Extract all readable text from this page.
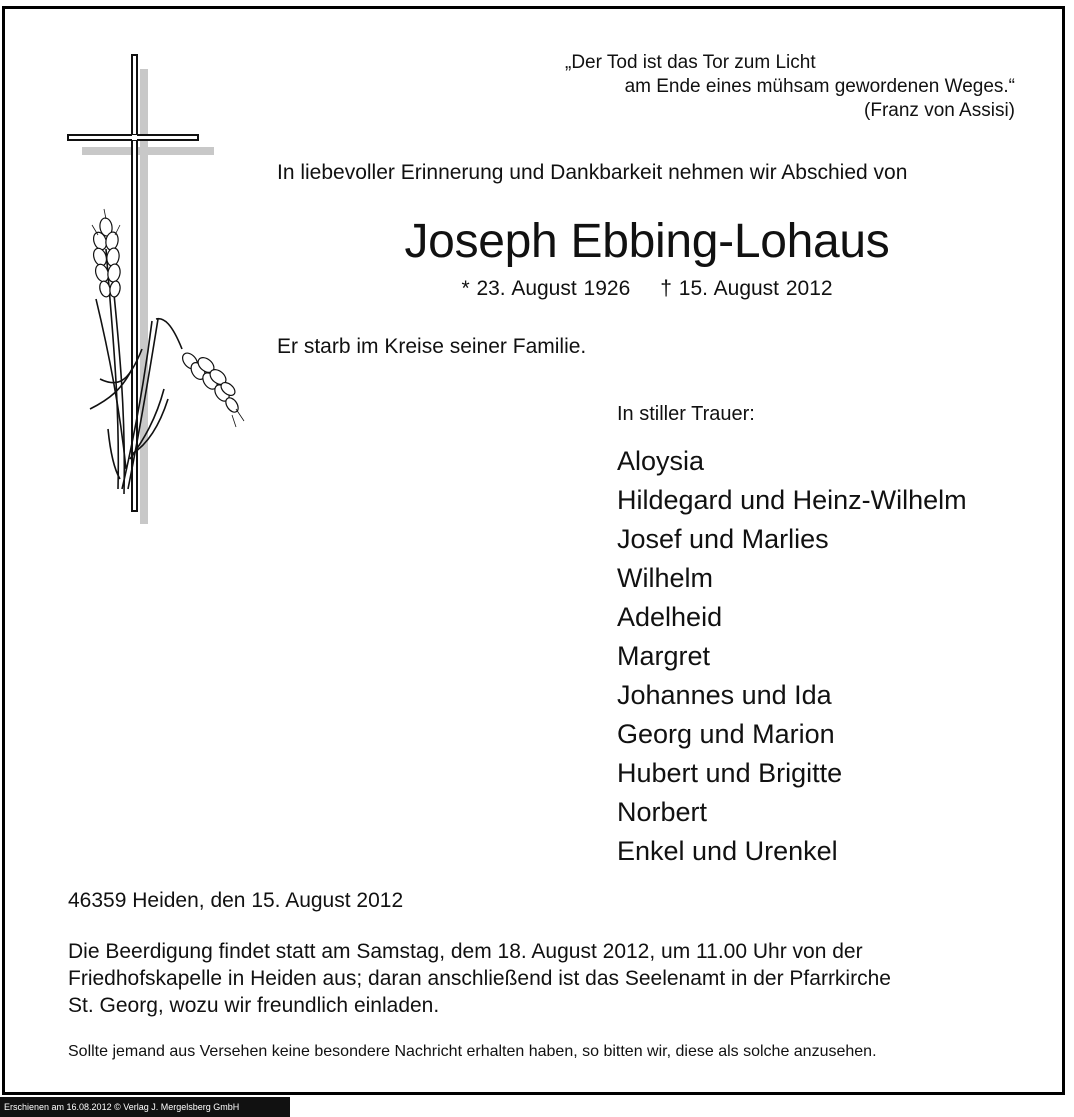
„Der Tod ist das Tor zum Licht
am Ende eines mühsam gewordenen Weges.“
(Franz von Assisi)
In liebevoller Erinnerung und Dankbarkeit nehmen wir Abschied von
Joseph Ebbing-Lohaus
* 23. August 1926 † 15. August 2012
Er starb im Kreise seiner Familie.
In stiller Trauer:
Aloysia
Hildegard und Heinz-Wilhelm
Josef und Marlies
Wilhelm
Adelheid
Margret
Johannes und Ida
Georg und Marion
Hubert und Brigitte
Norbert
Enkel und Urenkel
46359 Heiden, den 15. August 2012
Die Beerdigung findet statt am Samstag, dem 18. August 2012, um 11.00 Uhr von der
Friedhofskapelle in Heiden aus; daran anschließend ist das Seelenamt in der Pfarrkirche
St. Georg, wozu wir freundlich einladen.
Sollte jemand aus Versehen keine besondere Nachricht erhalten haben, so bitten wir, diese als solche anzusehen.
Erschienen am 16.08.2012 © Verlag J. Mergelsberg GmbH
